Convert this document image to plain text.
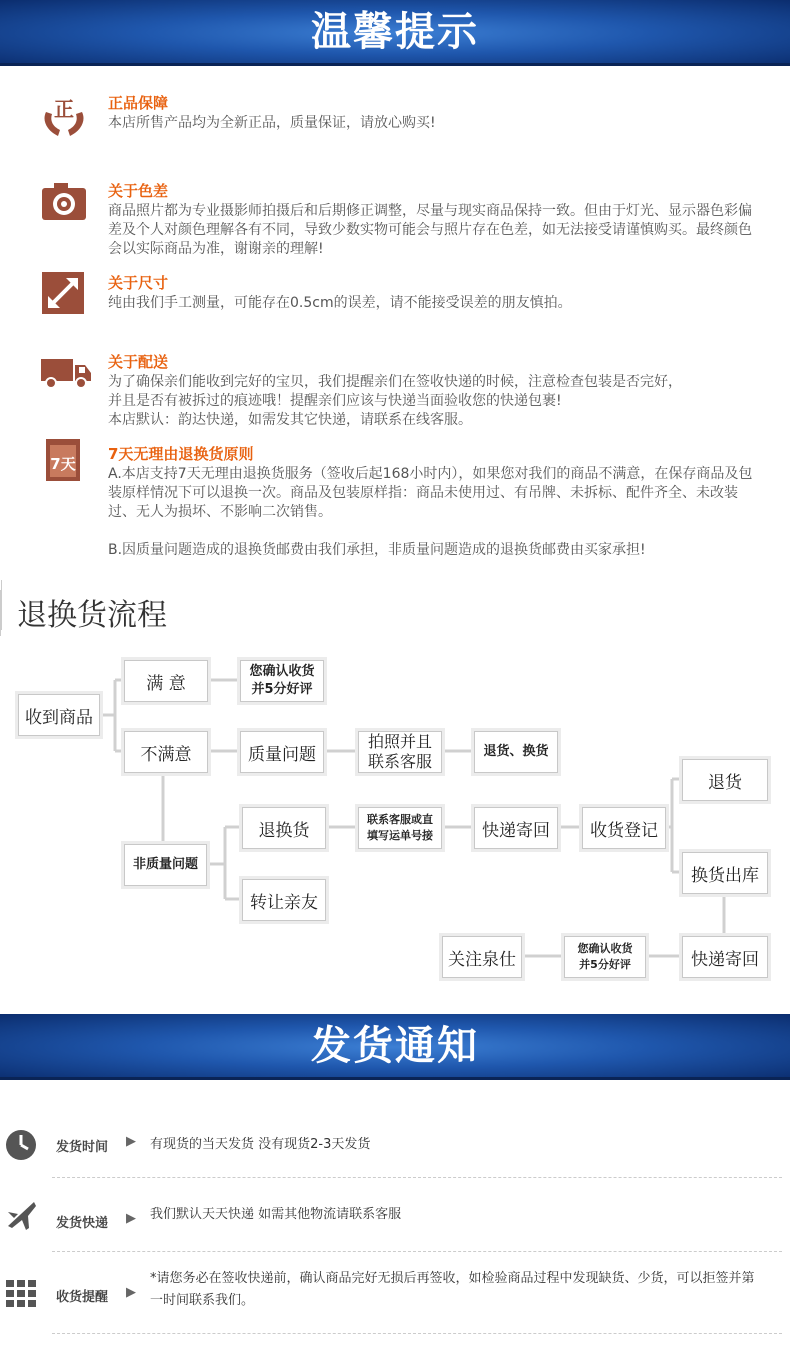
温馨提示
正 正品保障

本店所售产品均为全新正品，质量保证，请放心购买!

关于色差

商品照片都为专业摄影师拍摄后和后期修正调整，尽量与现实商品保持一致。但由于灯光、显示器色彩偏差及个人对颜色理解各有不同，导致少数实物可能会与照片存在色差，如无法接受请谨慎购买。最终颜色会以实际商品为准，谢谢亲的理解!

关于尺寸

纯由我们手工测量，可能存在0.5cm的误差，请不能接受误差的朋友慎拍。

关于配送

为了确保亲们能收到完好的宝贝，我们提醒亲们在签收快递的时候，注意检查包装是否完好，

并且是否有被拆过的痕迹哦！提醒亲们应该与快递当面验收您的快递包裹!

本店默认：韵达快递，如需发其它快递，请联系在线客服。

7天
7天无理由退换货原则

A.本店支持7天无理由退换货服务（签收后起168小时内），如果您对我们的商品不满意，在保存商品及包装原样情况下可以退换一次。商品及包装原样指：商品未使用过、有吊牌、未拆标、配件齐全、未改装过、无人为损坏、不影响二次销售。

B.因质量问题造成的退换货邮费由我们承担，非质量问题造成的退换货邮费由买家承担!

退换货流程
收到商品
满 意
您确认收货
并5分好评
不满意	质量问题
拍照并且
联系客服
退货、换货
非质量问题
退换货
转让亲友
联系客服或直
填写运单号接	快递寄回 收货登记
退货
换货出库
快递寄回
您确认收货
并5分好评
关注泉仕
发货通知
发货时间 ▶ 有现货的当天发货 没有现货2-3天发货
发货快递 ▶ 我们默认天天快递 如需其他物流请联系客服
收货提醒 ▶
*请您务必在签收快递前，确认商品完好无损后再签收，如检验商品过程中发现缺货、少货，可以拒签并第一时间联系我们。
